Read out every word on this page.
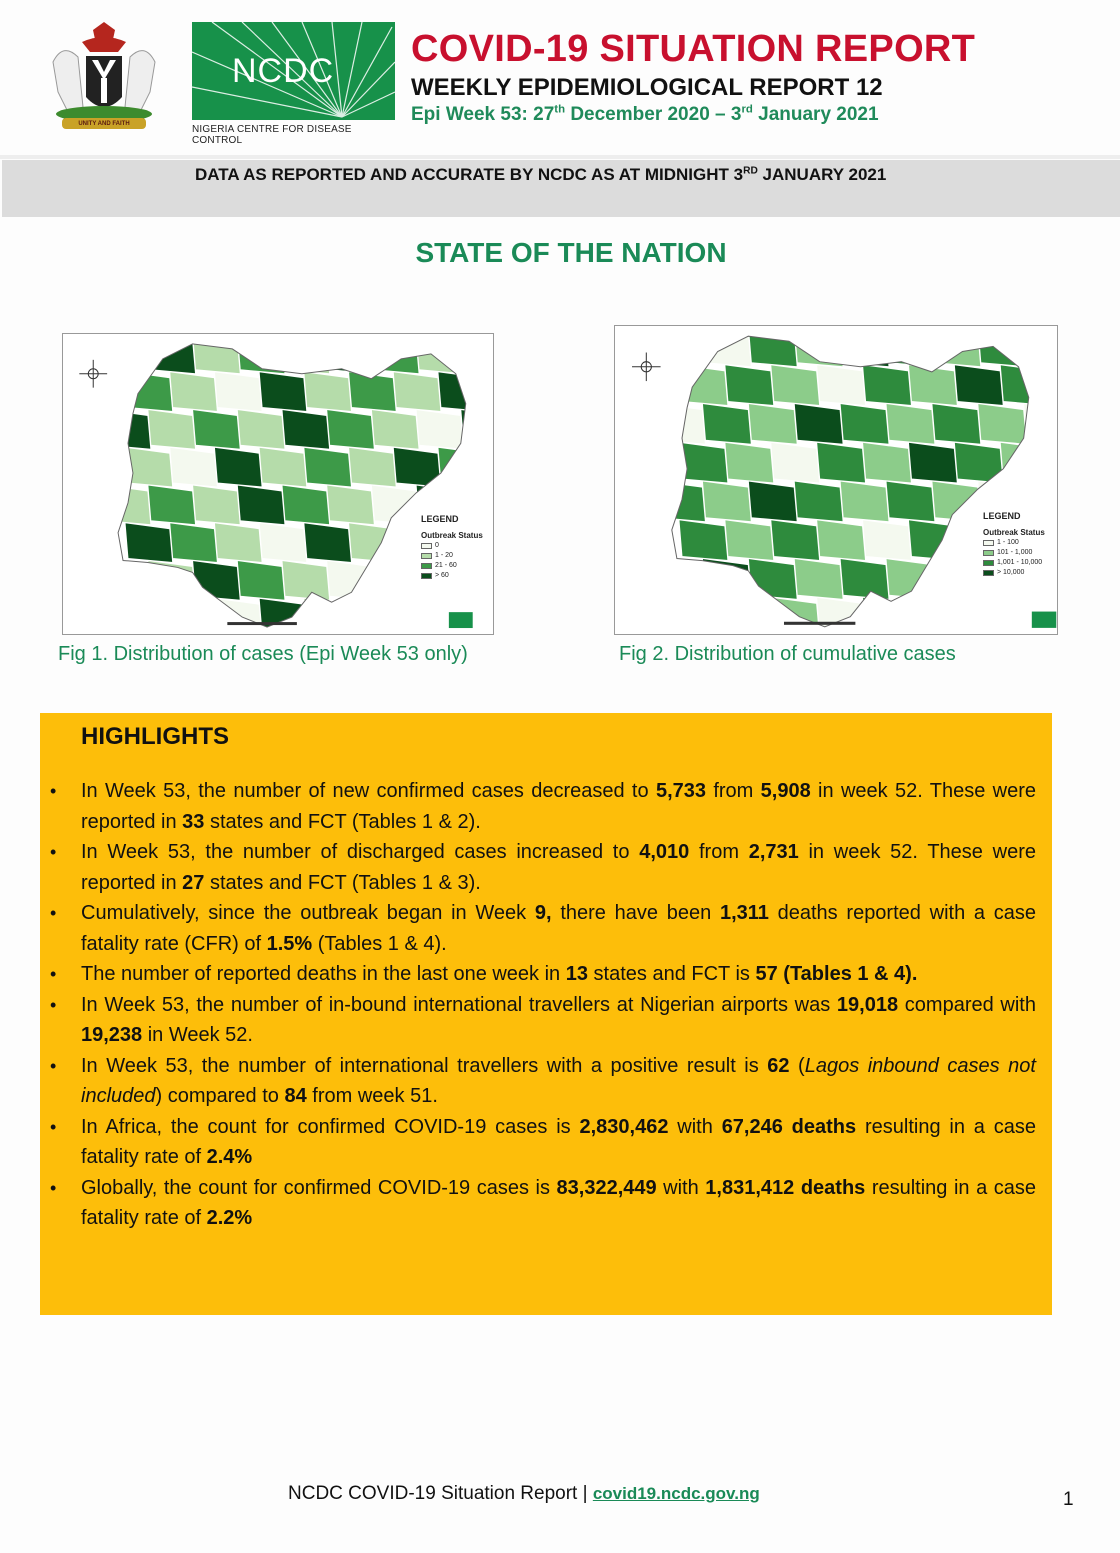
UNITY AND FAITH
NCDC
NIGERIA CENTRE FOR DISEASE CONTROL
COVID-19 SITUATION REPORT
WEEKLY EPIDEMIOLOGICAL REPORT 12
Epi Week 53: 27th December 2020 – 3rd January 2021
DATA AS REPORTED AND ACCURATE BY NCDC AS AT MIDNIGHT 3RD JANUARY 2021
STATE OF THE NATION
LEGEND
Outbreak Status
0
1 - 20
21 - 60
> 60
LEGEND
Outbreak Status
1 - 100
101 - 1,000
1,001 - 10,000
> 10,000
Fig 1. Distribution of cases (Epi Week 53 only)	Fig 2. Distribution of cumulative cases
HIGHLIGHTS
• In Week 53, the number of new confirmed cases decreased to 5,733 from 5,908 in week 52. These were reported in 33 states and FCT (Tables 1 & 2).
• In Week 53, the number of discharged cases increased to 4,010 from 2,731 in week 52. These were reported in 27 states and FCT (Tables 1 & 3).
• Cumulatively, since the outbreak began in Week 9, there have been 1,311 deaths reported with a case fatality rate (CFR) of 1.5% (Tables 1 & 4).
• The number of reported deaths in the last one week in 13 states and FCT is 57 (Tables 1 & 4).
• In Week 53, the number of in-bound international travellers at Nigerian airports was 19,018 compared with 19,238 in Week 52.
• In Week 53, the number of international travellers with a positive result is 62 (Lagos inbound cases not included) compared to 84 from week 51.
• In Africa, the count for confirmed COVID-19 cases is 2,830,462 with 67,246 deaths resulting in a case fatality rate of 2.4%
• Globally, the count for confirmed COVID-19 cases is 83,322,449 with 1,831,412 deaths resulting in a case fatality rate of 2.2%
NCDC COVID-19 Situation Report | covid19.ncdc.gov.ng	1
